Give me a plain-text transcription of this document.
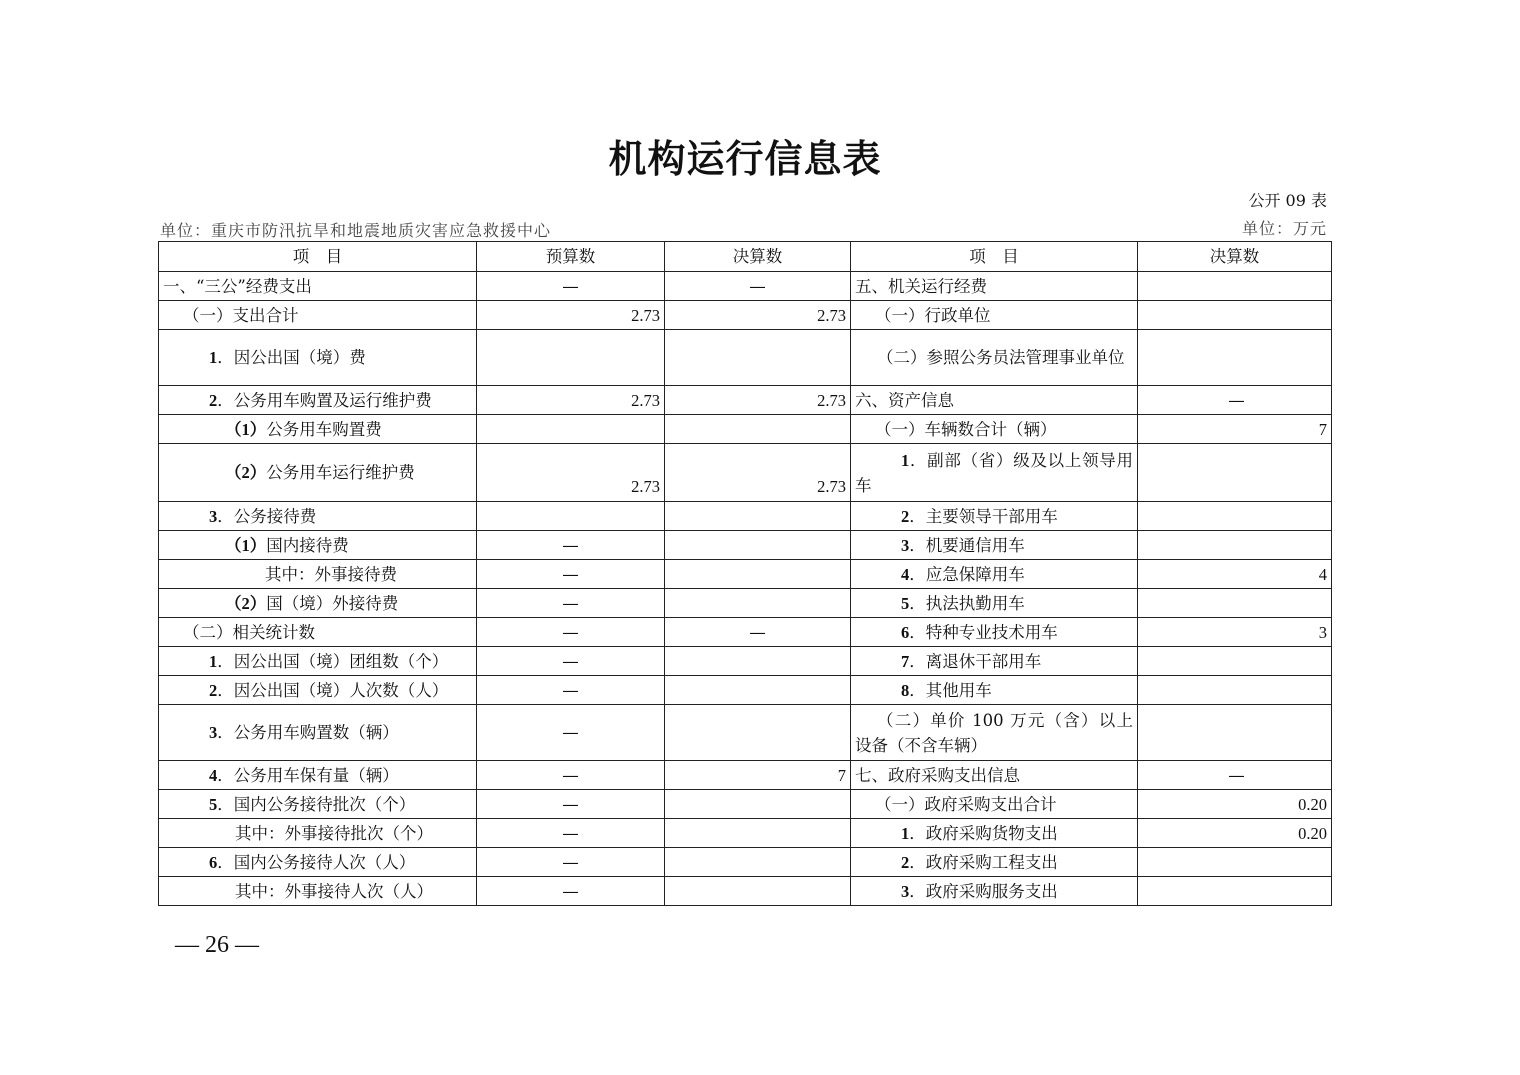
机构运行信息表
公开 09 表
单位：重庆市防汛抗旱和地震地质灾害应急救援中心	单位：万元
项　目	预算数	决算数	项　目	决算数
一、“三公”经费支出	—	—	五、机关运行经费	
（一）支出合计	2.73	2.73	（一）行政单位	
1．因公出国（境）费			（二）参照公务员法管理事业单位	
2．公务用车购置及运行维护费	2.73	2.73	六、资产信息	—
（1）公务用车购置费			（一）车辆数合计（辆）	7
（2）公务用车运行维护费	2.73	2.73	1．副部（省）级及以上领导用车	
3．公务接待费			2．主要领导干部用车	
（1）国内接待费	—		3．机要通信用车	
其中：外事接待费	—		4．应急保障用车	4
（2）国（境）外接待费	—		5．执法执勤用车	
（二）相关统计数	—	—	6．特种专业技术用车	3
1．因公出国（境）团组数（个）	—		7．离退休干部用车	
2．因公出国（境）人次数（人）	—		8．其他用车	
3．公务用车购置数（辆）	—		（二）单价 100 万元（含）以上设备（不含车辆）	
4．公务用车保有量（辆）	—	7	七、政府采购支出信息	—
5．国内公务接待批次（个）	—		（一）政府采购支出合计	0.20
其中：外事接待批次（个）	—		1．政府采购货物支出	0.20
6．国内公务接待人次（人）	—		2．政府采购工程支出	
其中：外事接待人次（人）	—		3．政府采购服务支出	
— 26 —
